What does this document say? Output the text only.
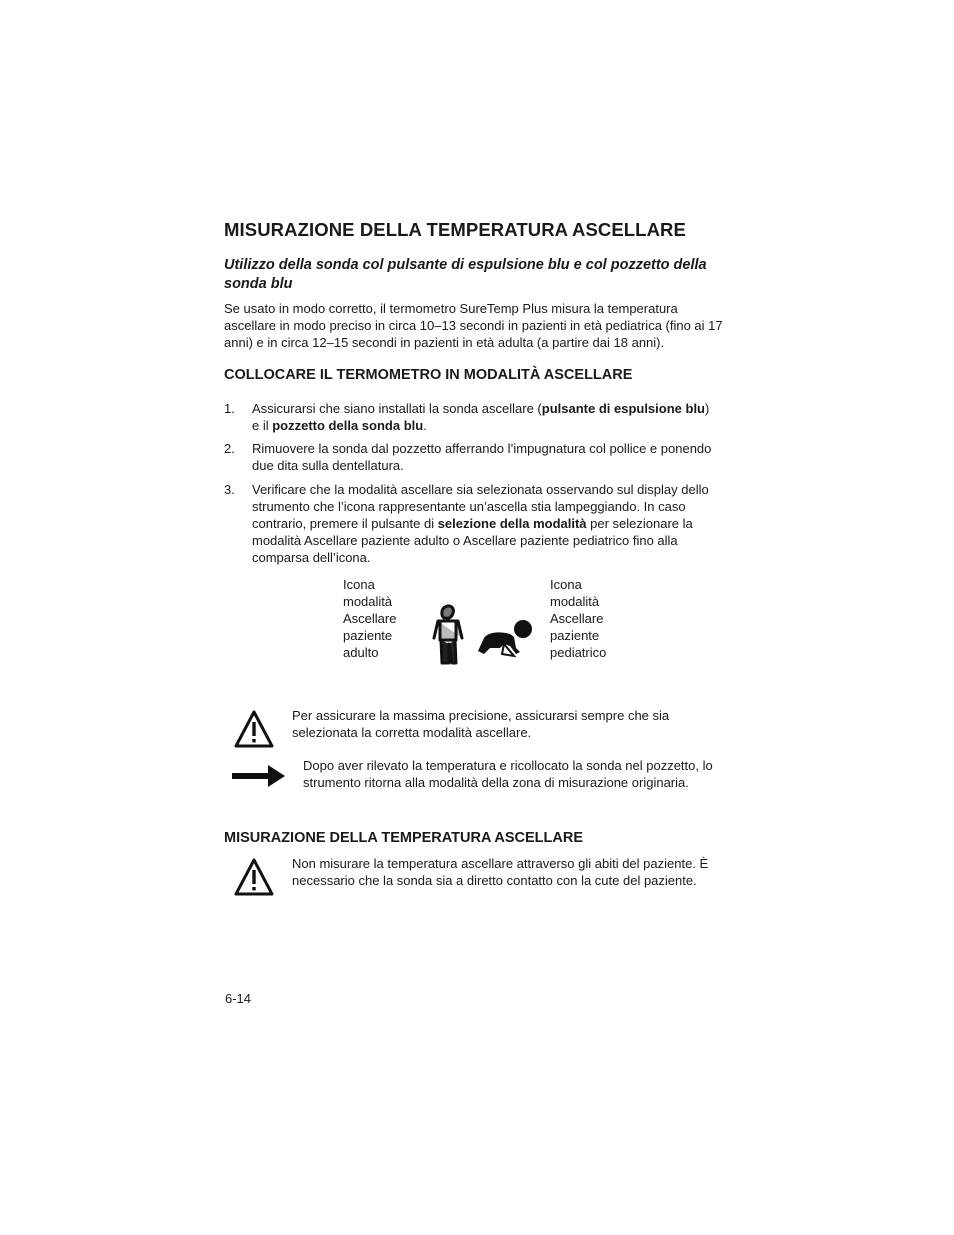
MISURAZIONE DELLA TEMPERATURA ASCELLARE
Utilizzo della sonda col pulsante di espulsione blu e col pozzetto della sonda blu
Se usato in modo corretto, il termometro SureTemp Plus misura la temperatura ascellare in modo preciso in circa 10–13 secondi in pazienti in età pediatrica (fino ai 17 anni) e in circa 12–15 secondi in pazienti in età adulta (a partire dai 18 anni).
COLLOCARE IL TERMOMETRO IN MODALITÀ ASCELLARE
1. Assicurarsi che siano installati la sonda ascellare (pulsante di espulsione blu) e il pozzetto della sonda blu.
2. Rimuovere la sonda dal pozzetto afferrando l’impugnatura col pollice e ponendo due dita sulla dentellatura.
3. Verificare che la modalità ascellare sia selezionata osservando sul display dello strumento che l’icona rappresentante un’ascella stia lampeggiando. In caso contrario, premere il pulsante di selezione della modalità per selezionare la modalità Ascellare paziente adulto o Ascellare paziente pediatrico fino alla comparsa dell’icona.
Icona
modalità
Ascellare
paziente
adulto
Icona
modalità
Ascellare
paziente
pediatrico
Per assicurare la massima precisione, assicurarsi sempre che sia selezionata la corretta modalità ascellare.
Dopo aver rilevato la temperatura e ricollocato la sonda nel pozzetto, lo strumento ritorna alla modalità della zona di misurazione originaria.
MISURAZIONE DELLA TEMPERATURA ASCELLARE
Non misurare la temperatura ascellare attraverso gli abiti del paziente. È necessario che la sonda sia a diretto contatto con la cute del paziente.
6-14
